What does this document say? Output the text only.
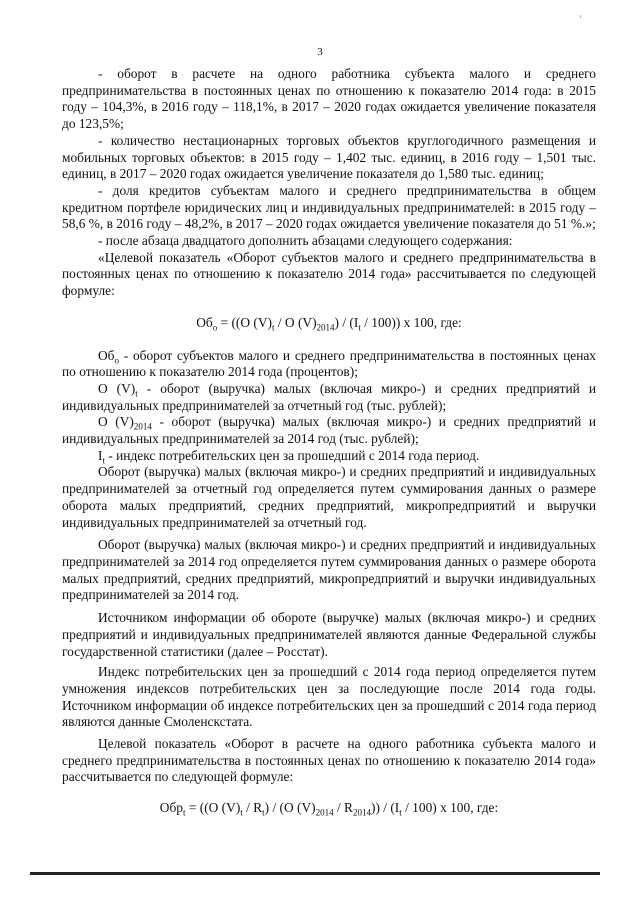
'
3

- оборот в расчете на одного работника субъекта малого и среднего предпринимательства в постоянных ценах по отношению к показателю 2014 года: в 2015 году – 104,3%, в 2016 году – 118,1%, в 2017 – 2020 годах ожидается увеличение показателя до 123,5%;

- количество нестационарных торговых объектов круглогодичного размещения и мобильных торговых объектов: в 2015 году – 1,402 тыс. единиц, в 2016 году – 1,501 тыс. единиц, в 2017 – 2020 годах ожидается увеличение показателя до 1,580 тыс. единиц;

- доля кредитов субъектам малого и среднего предпринимательства в общем кредитном портфеле юридических лиц и индивидуальных предпринимателей: в 2015 году – 58,6 %, в 2016 году – 48,2%, в 2017 – 2020 годах ожидается увеличение показателя до 51 %.»;

- после абзаца двадцатого дополнить абзацами следующего содержания:

«Целевой показатель «Оборот субъектов малого и среднего предпринимательства в постоянных ценах по отношению к показателю 2014 года» рассчитывается по следующей формуле:

$Об_о = ((О$ $(V)_t$ / О $(V)_{2014}) / (I_t / 100)$) x 100, где:

$Об_о$ - оборот субъектов малого и среднего предпринимательства в постоянных ценах по отношению к показателю 2014 года (процентов);

О $(V)_t$ - оборот (выручка) малых (включая микро-) и средних предприятий и индивидуальных предпринимателей за отчетный год (тыс. рублей);

О $(V)_{2014}$ - оборот (выручка) малых (включая микро-) и средних предприятий и индивидуальных предпринимателей за 2014 год (тыс. рублей);

$I_t$ - индекс потребительских цен за прошедший с 2014 года период.

Оборот (выручка) малых (включая микро-) и средних предприятий и индивидуальных предпринимателей за отчетный год определяется путем суммирования данных о размере оборота малых предприятий, средних предприятий, микропредприятий и выручки индивидуальных предпринимателей за отчетный год.

Оборот (выручка) малых (включая микро-) и средних предприятий и индивидуальных предпринимателей за 2014 год определяется путем суммирования данных о размере оборота малых предприятий, средних предприятий, микропредприятий и выручки индивидуальных предпринимателей за 2014 год.

Источником информации об обороте (выручке) малых (включая микро-) и средних предприятий и индивидуальных предпринимателей являются данные Федеральной службы государственной статистики (далее – Росстат).

Индекс потребительских цен за прошедший с 2014 года период определяется путем умножения индексов потребительских цен за последующие после 2014 года годы. Источником информации об индексе потребительских цен за прошедший с 2014 года период являются данные Смоленскстата.

Целевой показатель «Оборот в расчете на одного работника субъекта малого и среднего предпринимательства в постоянных ценах по отношению к показателю 2014 года» рассчитывается по следующей формуле:

Обр$_t$ = ((О $(V)_t / R_t) / (О$ $(V)_{2014} / R_{2014})) / (I_t / 100)$ x 100, где:
